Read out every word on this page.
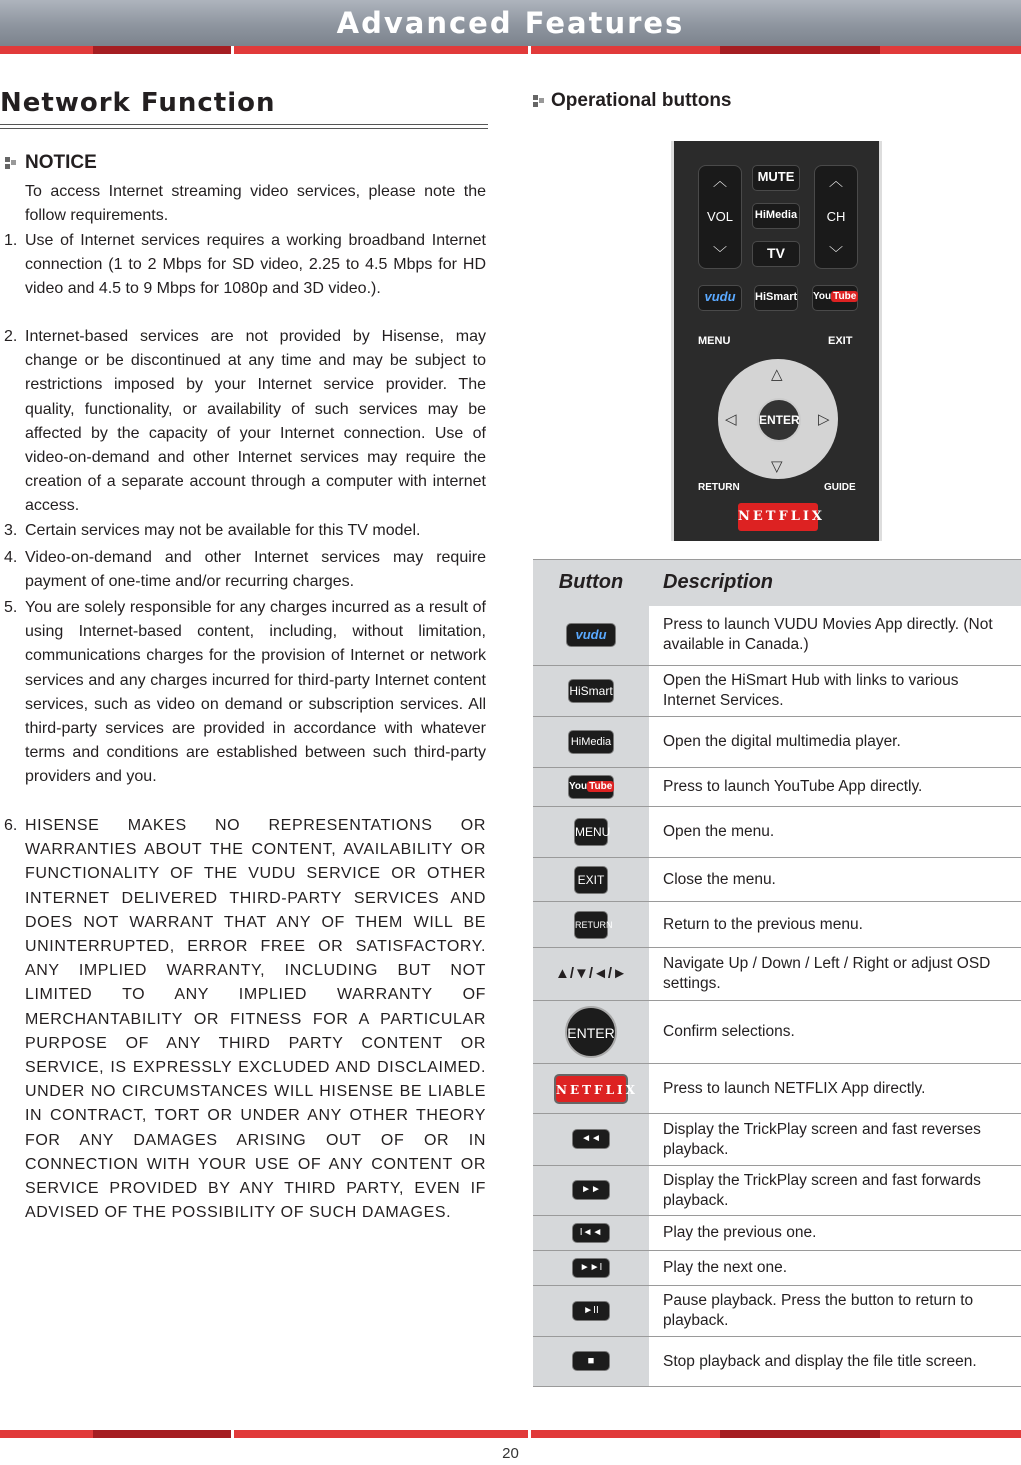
Advanced Features
Network Function
NOTICE
To access Internet streaming video services, please note the follow requirements.
1. Use of Internet services requires a working broadband Internet connection (1 to 2 Mbps for SD video, 2.25 to 4.5 Mbps for HD video and 4.5 to 9 Mbps for 1080p and 3D video.).
2. Internet-based services are not provided by Hisense, may change or be discontinued at any time and may be subject to restrictions imposed by your Internet service provider. The quality, functionality, or availability of such services may be affected by the capacity of your Internet connection. Use of video-on-demand and other Internet services may require the creation of a separate account through a computer with internet access.
3. Certain services may not be available for this TV model.
4. Video-on-demand and other Internet services may require payment of one-time and/or recurring charges.
5. You are solely responsible for any charges incurred as a result of using Internet-based content, including, without limitation, communications charges for the provision of Internet or network services and any charges incurred for third-party Internet content services, such as video on demand or subscription services. All third-party services are provided in accordance with whatever terms and conditions are established between such third-party providers and you.
6. HISENSE MAKES NO REPRESENTATIONS OR WARRANTIES ABOUT THE CONTENT, AVAILABILITY OR FUNCTIONALITY OF THE VUDU SERVICE OR OTHER INTERNET DELIVERED THIRD-PARTY SERVICES AND DOES NOT WARRANT THAT ANY OF THEM WILL BE UNINTERRUPTED, ERROR FREE OR SATISFACTORY. ANY IMPLIED WARRANTY, INCLUDING BUT NOT LIMITED TO ANY IMPLIED WARRANTY OF MERCHANTABILITY OR FITNESS FOR A PARTICULAR PURPOSE OF ANY THIRD PARTY CONTENT OR SERVICE, IS EXPRESSLY EXCLUDED AND DISCLAIMED. UNDER NO CIRCUMSTANCES WILL HISENSE BE LIABLE IN CONTRACT, TORT OR UNDER ANY OTHER THEORY FOR ANY DAMAGES ARISING OUT OF OR IN CONNECTION WITH YOUR USE OF ANY CONTENT OR SERVICE PROVIDED BY ANY THIRD PARTY, EVEN IF ADVISED OF THE POSSIBILITY OF SUCH DAMAGES.
Operational buttons
︿
VOL
﹀
MUTE
HiMedia
TV
︿
CH
﹀
vudu	HiSmart You Tube
MENU	EXIT
△
▽
◁	▷
ENTER
RETURN	GUIDE
NETFLIX
Button	Description
vudu	Press to launch VUDU Movies App directly. (Not available in Canada.)
HiSmart	Open the HiSmart Hub with links to various Internet Services.
HiMedia	Open the digital multimedia player.
You Tube	Press to launch YouTube App directly.
MENU	Open the menu.
EXIT	Close the menu.
RETURN	Return to the previous menu.
▲/▼/◄/►	Navigate Up / Down / Left / Right or adjust OSD settings.
ENTER	Confirm selections.
NETFLIX	Press to launch NETFLIX App directly.
◄◄	Display the TrickPlay screen and fast reverses playback.
►►	Display the TrickPlay screen and fast forwards playback.
I◄◄	Play the previous one.
►►I	Play the next one.
►II	Pause playback. Press the button to return to playback.
■	Stop playback and display the file title screen.
20
